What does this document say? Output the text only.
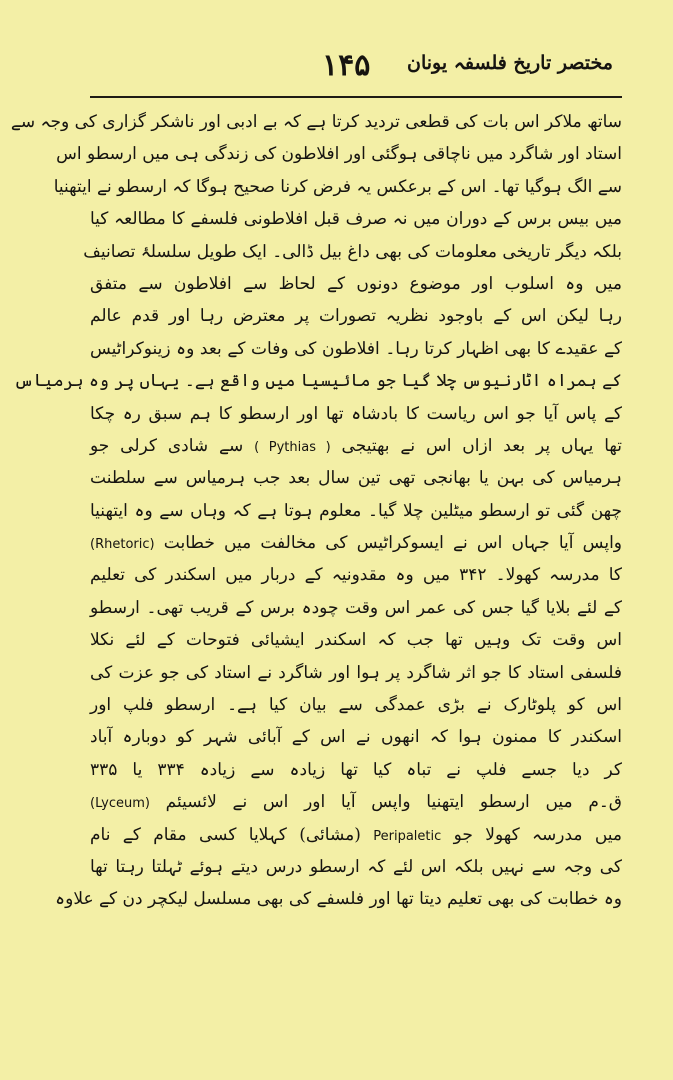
۱۴۵ مختصر تاریخ فلسفہ یونان
ساتھ ملاکر اس بات کی قطعی تردید کرتا ہے کہ بے ادبی اور ناشکر گزاری کی وجہ سے
استاد اور شاگرد میں ناچاقی ہوگئی اور افلاطون کی زندگی ہی میں ارسطو اس
سے الگ ہوگیا تھا۔ اس کے برعکس یہ فرض کرنا صحیح ہوگا کہ ارسطو نے ایتھنیا
میں بیس برس کے دوران میں نہ صرف قبل افلاطونی فلسفے کا مطالعہ کیا
بلکہ دیگر تاریخی معلومات کی بھی داغ بیل ڈالی۔ ایک طویل سلسلۂ تصانیف
میں وہ اسلوب اور موضوع دونوں کے لحاظ سے افلاطون سے متفق
رہا لیکن اس کے باوجود نظریہ تصورات پر معترض رہا اور قدم عالم
کے عقیدے کا بھی اظہار کرتا رہا۔ افلاطون کی وفات کے بعد وہ زینوکراٹیس
کے ہمراہ اٹارنیوس چلا گیا جو مائیسیا میں واقع ہے۔ یہاں پر وہ ہرمیاس
کے پاس آیا جو اس ریاست کا بادشاہ تھا اور ارسطو کا ہم سبق رہ چکا
تھا یہاں پر بعد ازاں اس نے بھتیجی ( Pythias ) سے شادی کرلی جو
ہرمیاس کی بہن یا بھانجی تھی تین سال بعد جب ہرمیاس سے سلطنت
چھن گئی تو ارسطو میٹلین چلا گیا۔ معلوم ہوتا ہے کہ وہاں سے وہ ایتھنیا
واپس آیا جہاں اس نے ایسوکراٹیس کی مخالفت میں خطابت (Rhetoric)
کا مدرسہ کھولا۔ ۳۴۲ میں وہ مقدونیہ کے دربار میں اسکندر کی تعلیم
کے لئے بلایا گیا جس کی عمر اس وقت چودہ برس کے قریب تھی۔ ارسطو
اس وقت تک وہیں تھا جب کہ اسکندر ایشیائی فتوحات کے لئے نکلا
فلسفی استاد کا جو اثر شاگرد پر ہوا اور شاگرد نے استاد کی جو عزت کی
اس کو پلوٹارک نے بڑی عمدگی سے بیان کیا ہے۔ ارسطو فلپ اور
اسکندر کا ممنون ہوا کہ انھوں نے اس کے آبائی شہر کو دوبارہ آباد
کر دیا جسے فلپ نے تباہ کیا تھا زیادہ سے زیادہ ۳۳۴ یا ۳۳۵
ق۔م میں ارسطو ایتھنیا واپس آیا اور اس نے لائسیئم (Lyceum)
میں مدرسہ کھولا جو Peripaletic (مشائی) کہلایا کسی مقام کے نام
کی وجہ سے نہیں بلکہ اس لئے کہ ارسطو درس دیتے ہوئے ٹہلتا رہتا تھا
وہ خطابت کی بھی تعلیم دیتا تھا اور فلسفے کی بھی مسلسل لیکچر دن کے علاوہ
